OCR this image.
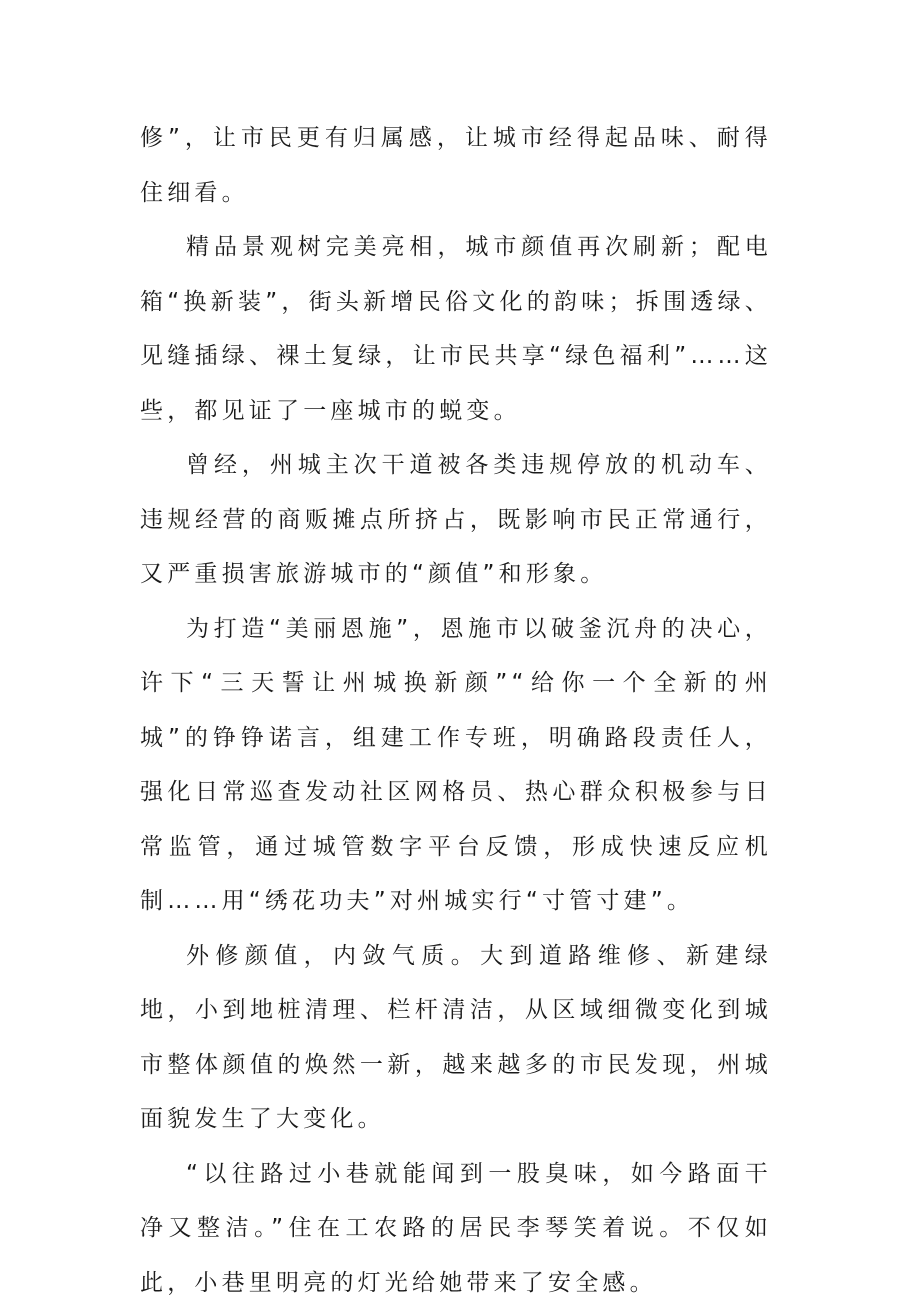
修”，让市民更有归属感，让城市经得起品味、耐得住细看。

精品景观树完美亮相，城市颜值再次刷新；配电箱“换新装”，街头新增民俗文化的韵味；拆围透绿、见缝插绿、裸土复绿，让市民共享“绿色福利”……这些，都见证了一座城市的蜕变。

曾经，州城主次干道被各类违规停放的机动车、违规经营的商贩摊点所挤占，既影响市民正常通行，又严重损害旅游城市的“颜值”和形象。

为打造“美丽恩施”，恩施市以破釜沉舟的决心，许下“三天誓让州城换新颜”“给你一个全新的州城”的铮铮诺言，组建工作专班，明确路段责任人，强化日常巡查发动社区网格员、热心群众积极参与日常监管，通过城管数字平台反馈，形成快速反应机制……用“绣花功夫”对州城实行“寸管寸建”。

外修颜值，内敛气质。大到道路维修、新建绿地，小到地桩清理、栏杆清洁，从区域细微变化到城市整体颜值的焕然一新，越来越多的市民发现，州城面貌发生了大变化。

“以往路过小巷就能闻到一股臭味，如今路面干净又整洁。”住在工农路的居民李琴笑着说。不仅如此，小巷里明亮的灯光给她带来了安全感。
